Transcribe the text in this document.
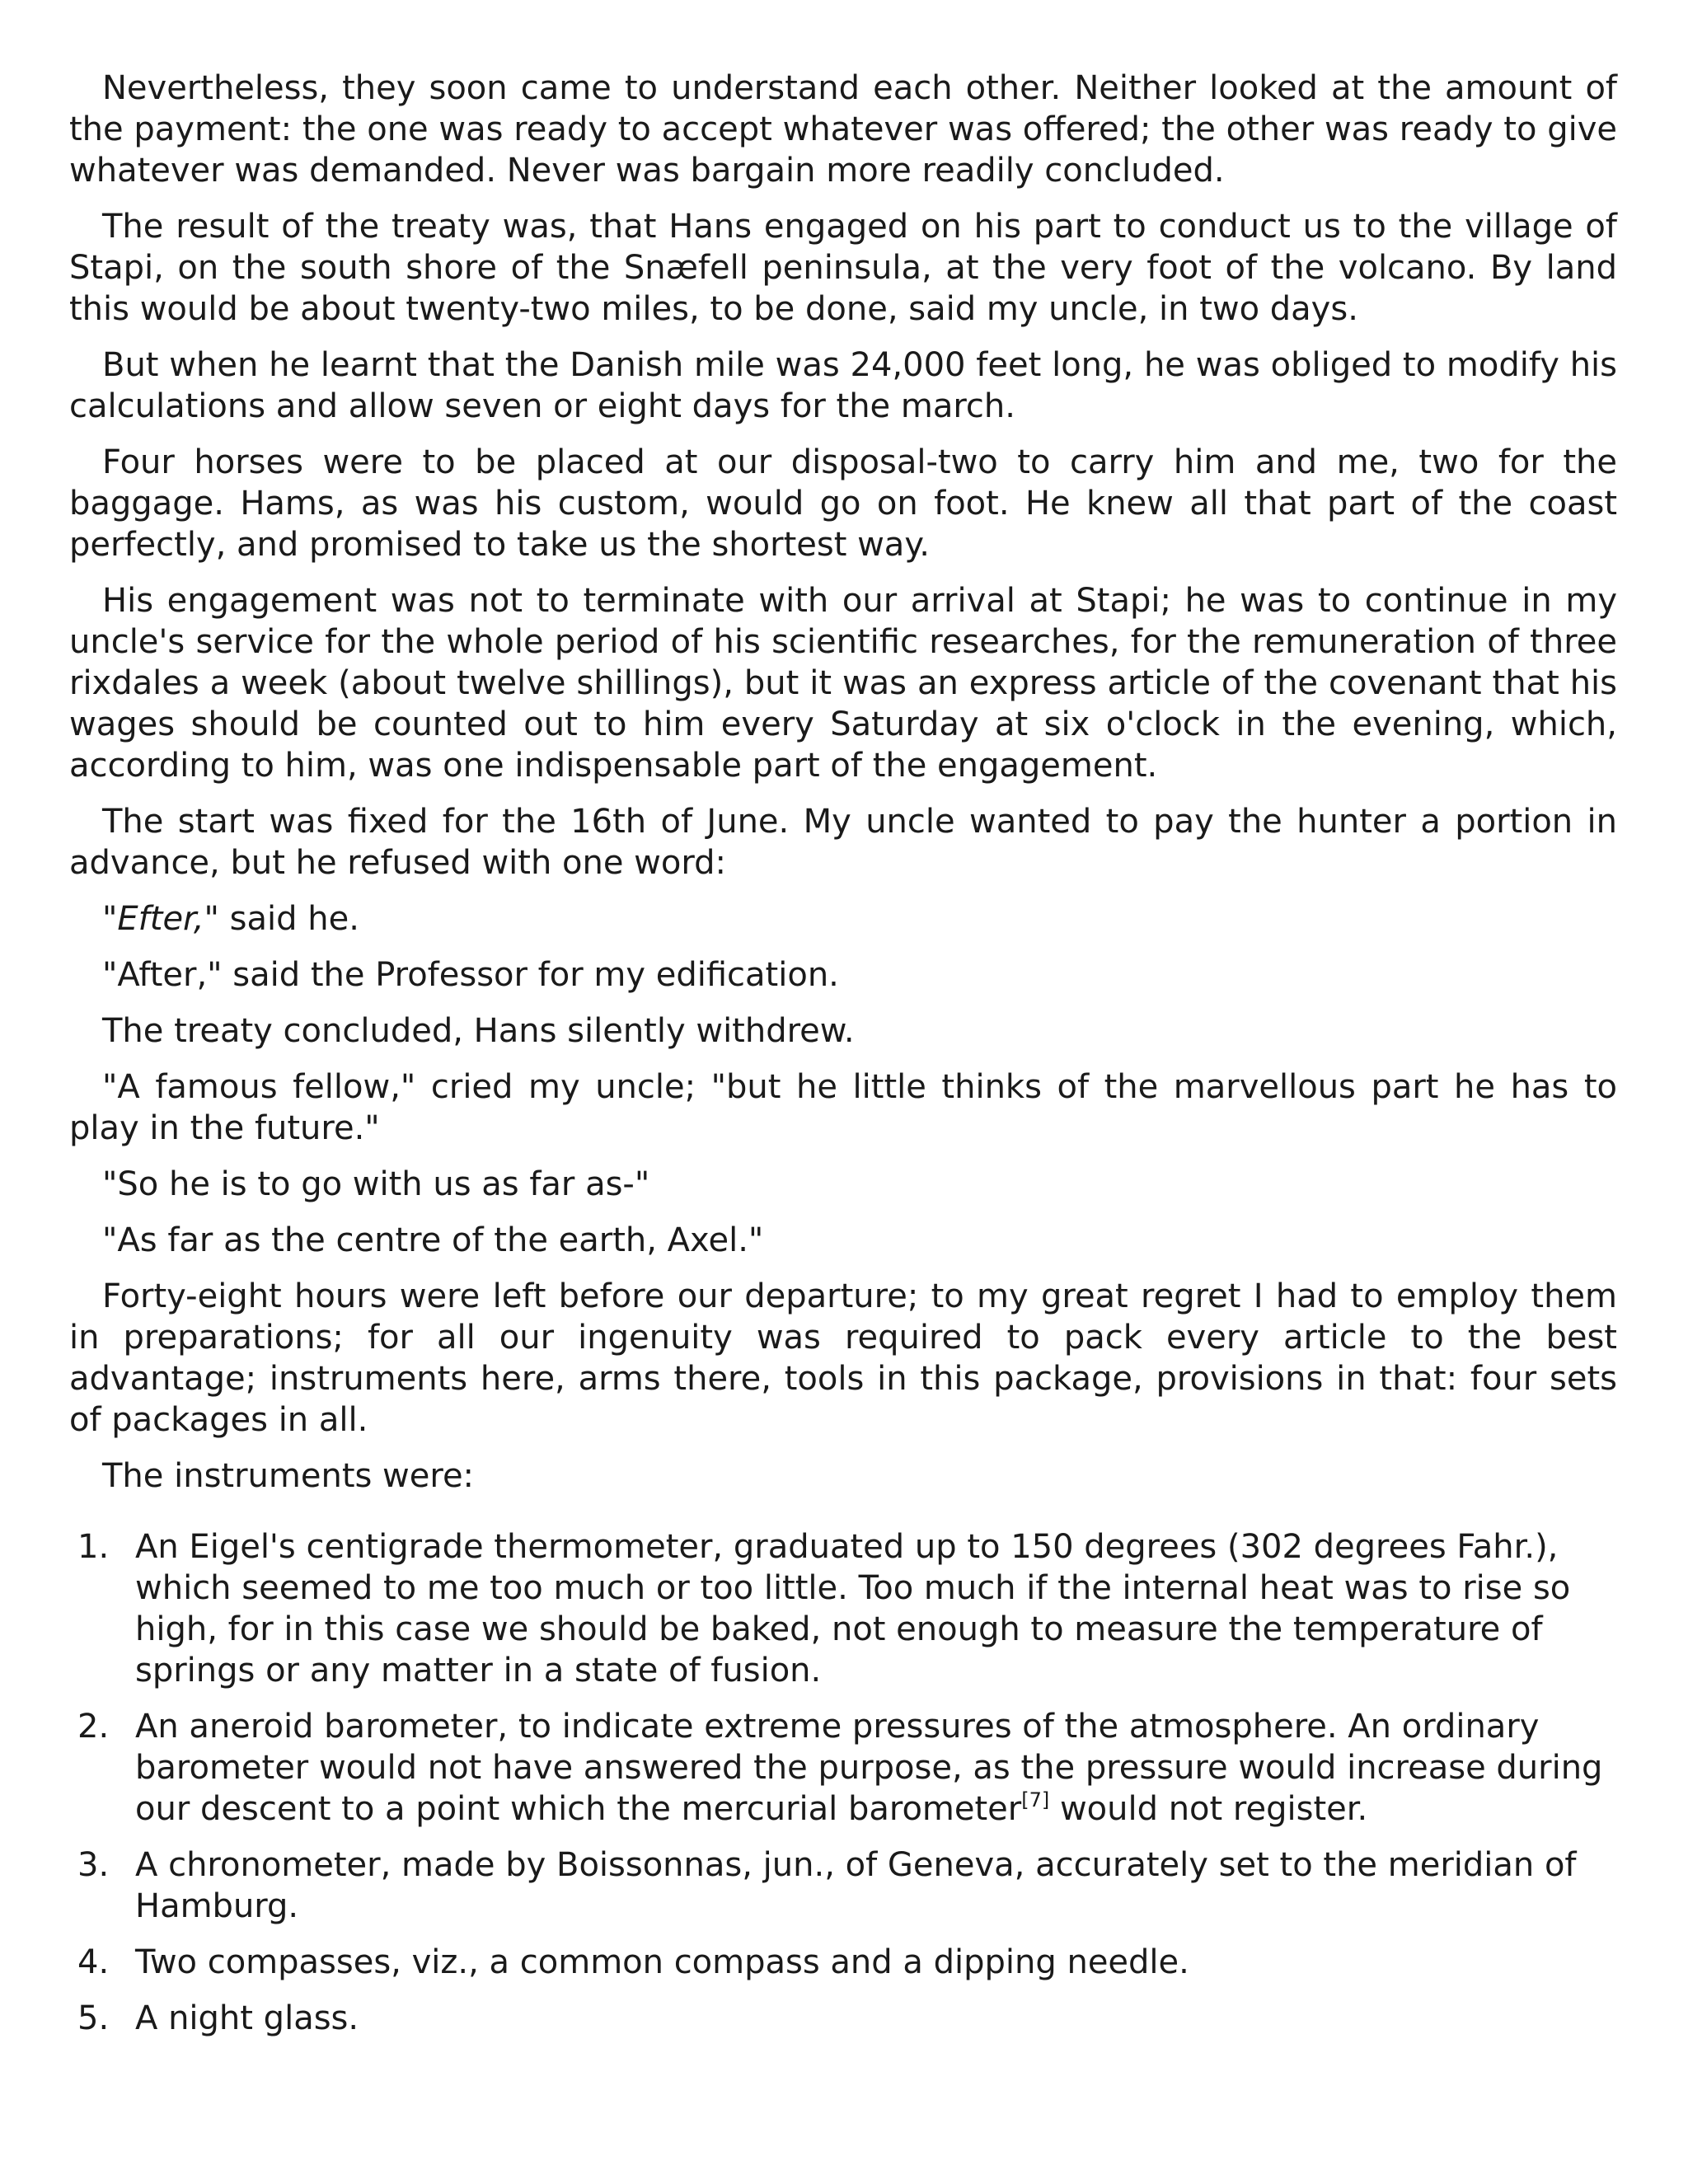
Nevertheless, they soon came to understand each other. Neither looked at the amount of the payment: the one was ready to accept whatever was offered; the other was ready to give whatever was demanded. Never was bargain more readily concluded.

The result of the treaty was, that Hans engaged on his part to conduct us to the village of Stapi, on the south shore of the Snæfell peninsula, at the very foot of the volcano. By land this would be about twenty-two miles, to be done, said my uncle, in two days.

But when he learnt that the Danish mile was 24,000 feet long, he was obliged to modify his calculations and allow seven or eight days for the march.

Four horses were to be placed at our disposal-two to carry him and me, two for the baggage. Hams, as was his custom, would go on foot. He knew all that part of the coast perfectly, and promised to take us the shortest way.

His engagement was not to terminate with our arrival at Stapi; he was to continue in my uncle's service for the whole period of his scientific researches, for the remuneration of three rixdales a week (about twelve shillings), but it was an express article of the covenant that his wages should be counted out to him every Saturday at six o'clock in the evening, which, according to him, was one indispensable part of the engagement.

The start was fixed for the 16th of June. My uncle wanted to pay the hunter a portion in advance, but he refused with one word:

"Efter," said he.

"After," said the Professor for my edification.

The treaty concluded, Hans silently withdrew.

"A famous fellow," cried my uncle; "but he little thinks of the marvellous part he has to play in the future."

"So he is to go with us as far as-"

"As far as the centre of the earth, Axel."

Forty-eight hours were left before our departure; to my great regret I had to employ them in preparations; for all our ingenuity was required to pack every article to the best advantage; instruments here, arms there, tools in this package, provisions in that: four sets of packages in all.

The instruments were:

1. An Eigel's centigrade thermometer, graduated up to 150 degrees (302 degrees Fahr.), which seemed to me too much or too little. Too much if the internal heat was to rise so high, for in this case we should be baked, not enough to measure the temperature of springs or any matter in a state of fusion.
2. An aneroid barometer, to indicate extreme pressures of the atmosphere. An ordinary barometer would not have answered the purpose, as the pressure would increase during our descent to a point which the mercurial barometer[7] would not register.
3. A chronometer, made by Boissonnas, jun., of Geneva, accurately set to the meridian of Hamburg.
4. Two compasses, viz., a common compass and a dipping needle.
5. A night glass.
